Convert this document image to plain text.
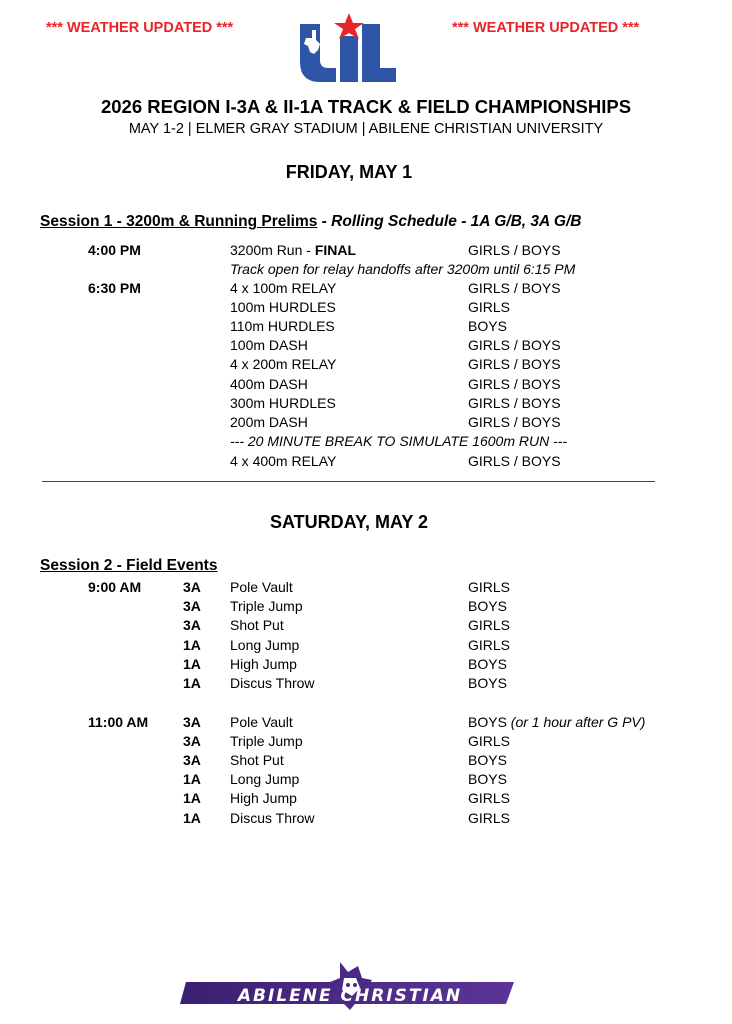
*** WEATHER UPDATED ***	*** WEATHER UPDATED ***
2026 REGION I-3A & II-1A TRACK & FIELD CHAMPIONSHIPS
MAY 1-2 | ELMER GRAY STADIUM | ABILENE CHRISTIAN UNIVERSITY
FRIDAY, MAY 1
Session 1 - 3200m & Running Prelims - Rolling Schedule - 1A G/B, 3A G/B
4:00 PM	3200m Run - FINAL	GIRLS / BOYS
Track open for relay handoffs after 3200m until 6:15 PM
6:30 PM	4 x 100m RELAY	GIRLS / BOYS
100m HURDLES	GIRLS
110m HURDLES	BOYS
100m DASH	GIRLS / BOYS
4 x 200m RELAY	GIRLS / BOYS
400m DASH	GIRLS / BOYS
300m HURDLES	GIRLS / BOYS
200m DASH	GIRLS / BOYS
--- 20 MINUTE BREAK TO SIMULATE 1600m RUN ---
4 x 400m RELAY	GIRLS / BOYS
SATURDAY, MAY 2
Session 2 - Field Events
9:00 AM	3A Pole Vault	GIRLS
3A Triple Jump	BOYS
3A Shot Put	GIRLS
1A Long Jump	GIRLS
1A High Jump	BOYS
1A Discus Throw	BOYS
11:00 AM 3A Pole Vault	BOYS (or 1 hour after G PV)
3A Triple Jump	GIRLS
3A Shot Put	BOYS
1A Long Jump	BOYS
1A High Jump	GIRLS
1A Discus Throw	GIRLS
ABILENE CHRISTIAN
